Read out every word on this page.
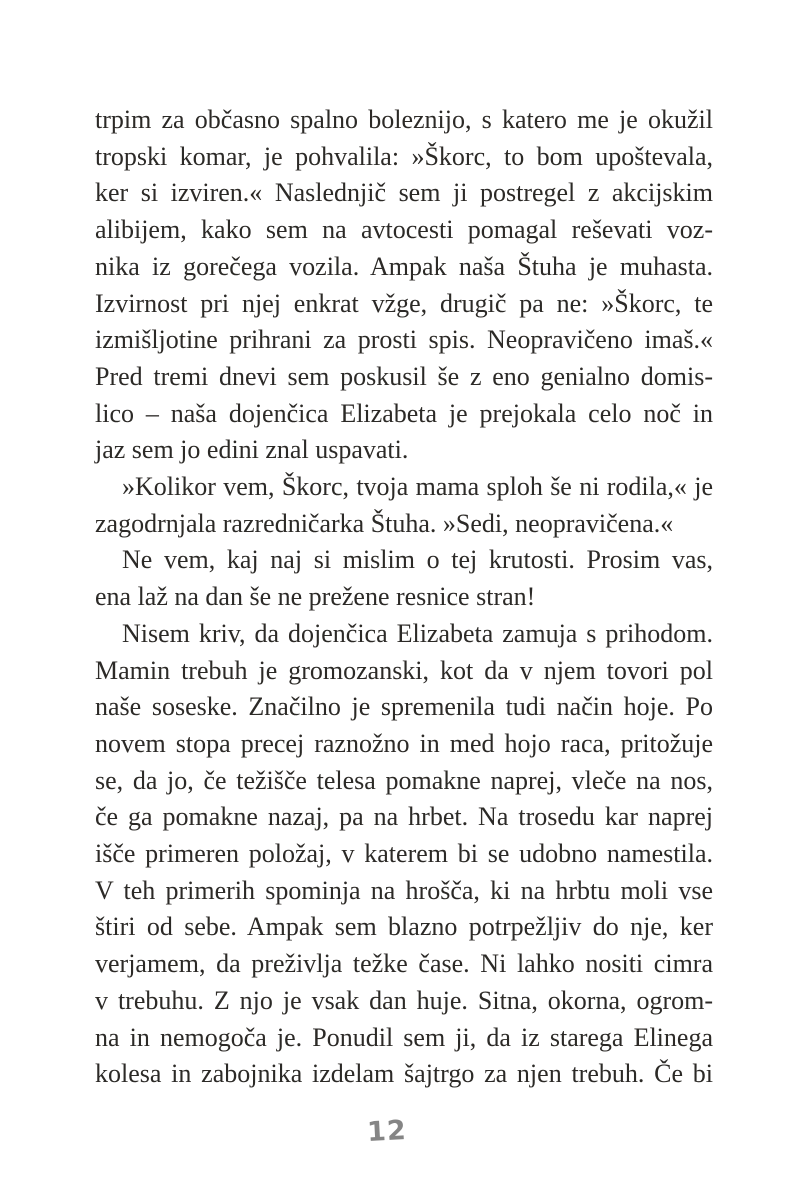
trpim za občasno spalno boleznijo, s katero me je okužil
tropski komar, je pohvalila: »Škorc, to bom upoštevala,
ker si izviren.« Naslednjič sem ji postregel z akcijskim
alibijem, kako sem na avtocesti pomagal reševati voz-
nika iz gorečega vozila. Ampak naša Štuha je muhasta.
Izvirnost pri njej enkrat vžge, drugič pa ne: »Škorc, te
izmišljotine prihrani za prosti spis. Neopravičeno imaš.«
Pred tremi dnevi sem poskusil še z eno genialno domis-
lico – naša dojenčica Elizabeta je prejokala celo noč in
jaz sem jo edini znal uspavati.
»Kolikor vem, Škorc, tvoja mama sploh še ni rodila,« je
zagodrnjala razredničarka Štuha. »Sedi, neopravičena.«
Ne vem, kaj naj si mislim o tej krutosti. Prosim vas,
ena laž na dan še ne prežene resnice stran!
Nisem kriv, da dojenčica Elizabeta zamuja s prihodom.
Mamin trebuh je gromozanski, kot da v njem tovori pol
naše soseske. Značilno je spremenila tudi način hoje. Po
novem stopa precej raznožno in med hojo raca, pritožuje
se, da jo, če težišče telesa pomakne naprej, vleče na nos,
če ga pomakne nazaj, pa na hrbet. Na trosedu kar naprej
išče primeren položaj, v katerem bi se udobno namestila.
V teh primerih spominja na hrošča, ki na hrbtu moli vse
štiri od sebe. Ampak sem blazno potrpežljiv do nje, ker
verjamem, da preživlja težke čase. Ni lahko nositi cimra
v trebuhu. Z njo je vsak dan huje. Sitna, okorna, ogrom-
na in nemogoča je. Ponudil sem ji, da iz starega Elinega
kolesa in zabojnika izdelam šajtrgo za njen trebuh. Če bi
12
